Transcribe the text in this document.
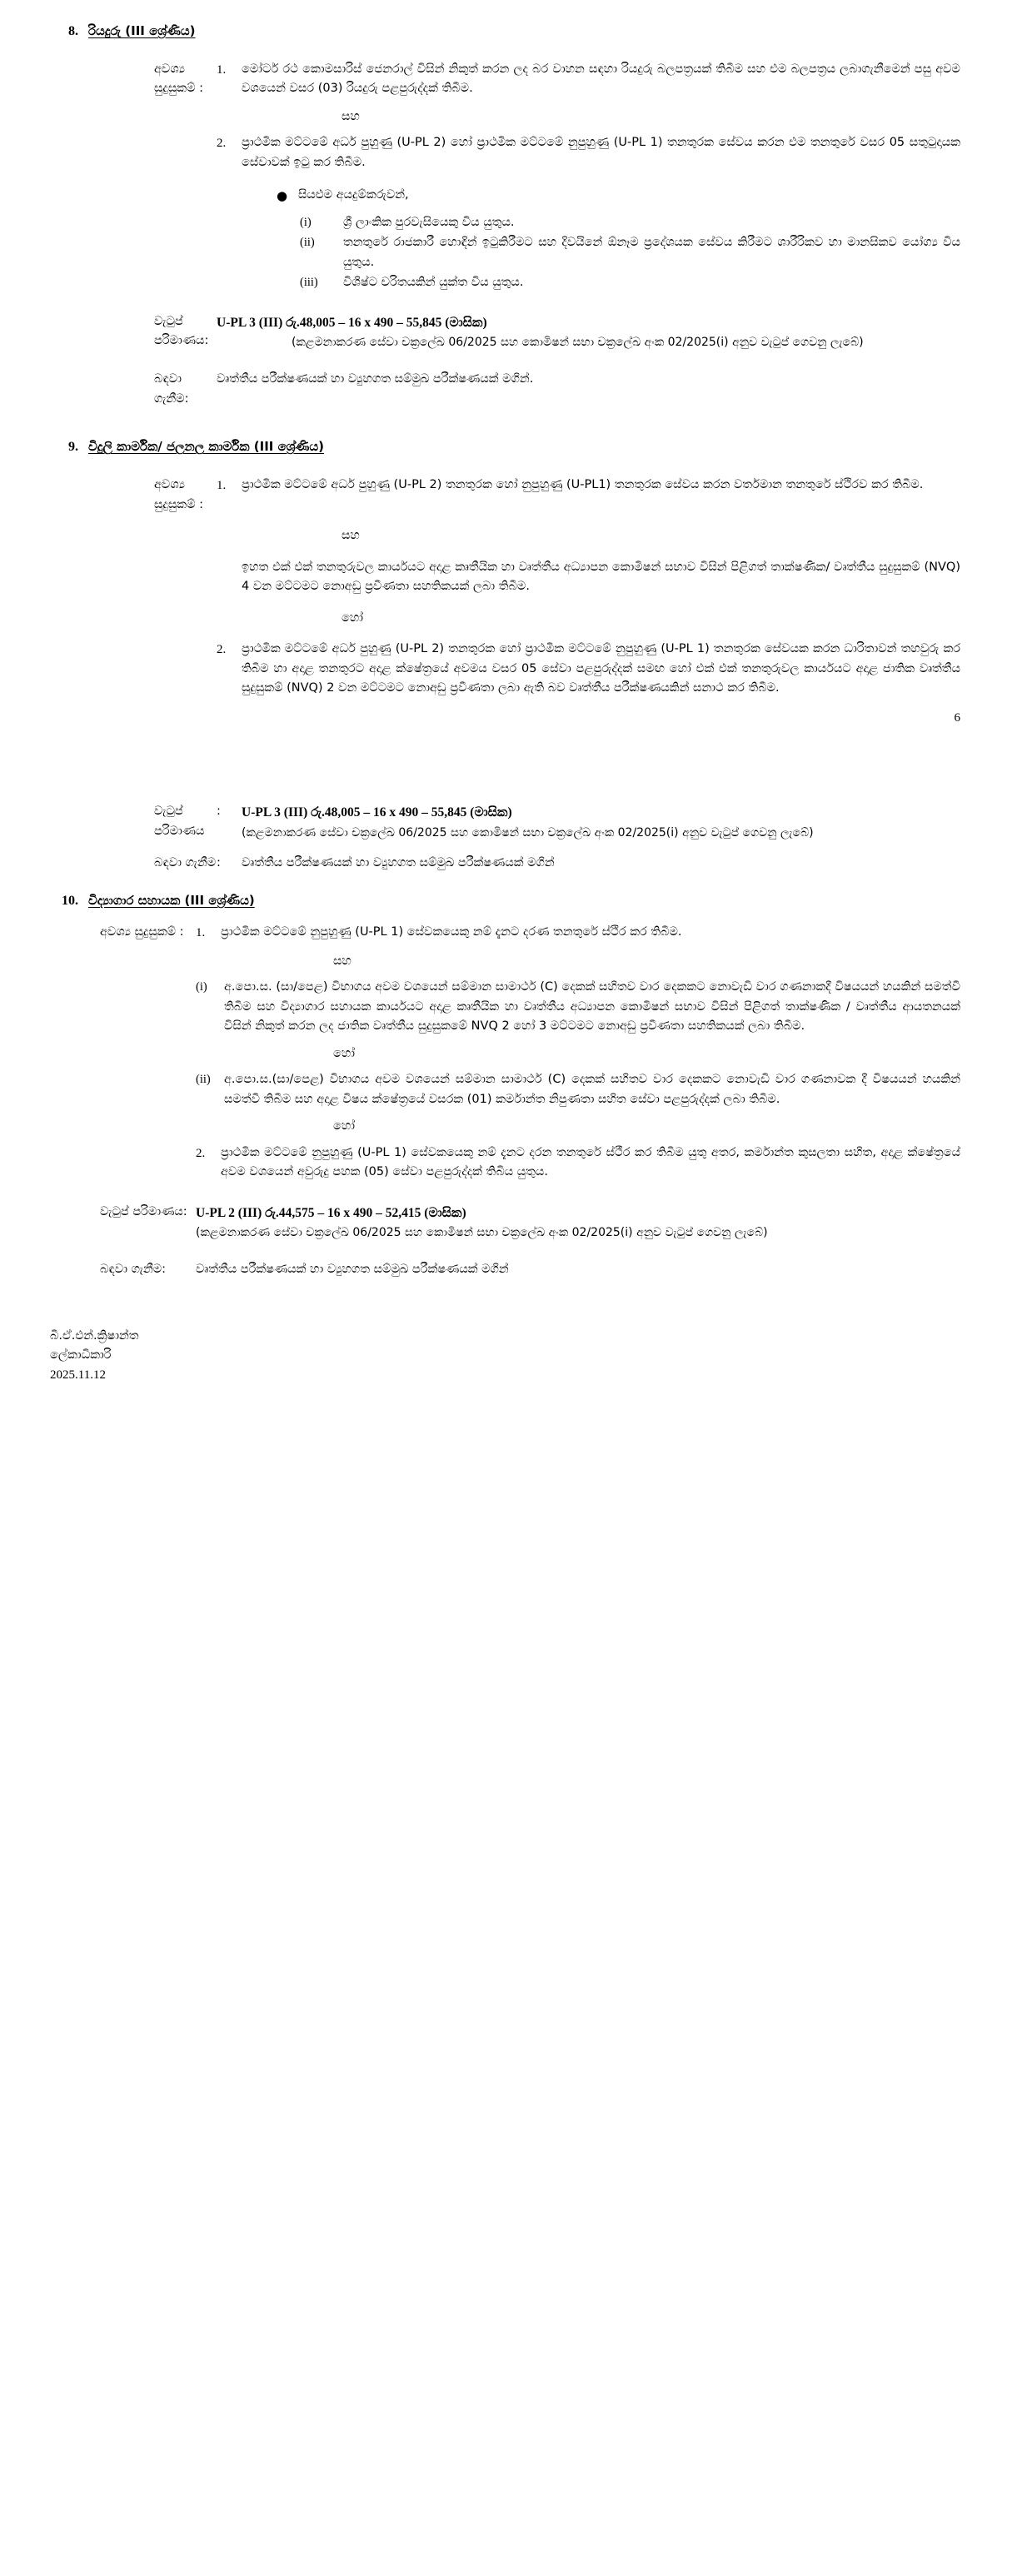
8. රියදුරු (III ශ්‍රේණිය)
අවශ්‍ය සුදුසුකම් :
1.	මෝටර් රථ කොමසාරිස් ජෙනරාල් විසින් නිකුත් කරන ලද බර වාහන සඳහා රියදුරු බලපත්‍රයක් තිබීම සහ එම බලපත්‍රය ලබාගැනීමෙන් පසු අවම වශයෙන් වසර (03) රියදුරු පළපුරුද්දක් තිබීම.
සහ
2.	ප්‍රාථමික මට්ටමේ අර්ධ පුහුණු (U-PL 2) හෝ ප්‍රාථමික මට්ටමේ නුපුහුණු (U-PL 1) තනතුරක සේවය කරන එම තනතුරේ වසර 05 සතුටුදායක සේවාවක් ඉටු කර තිබීම.
● සියළුම අයදුම්කරුවන්,
(i)	ශ්‍රී ලාංකික පුරවැසියෙකු විය යුතුය.
(ii)	තනතුරේ රාජකාරී හොඳින් ඉටුකිරීමට සහ දිවයිනේ ඕනෑම ප්‍රදේශයක සේවය කිරීමට ශාරීරිකව හා මානසිකව යෝග්‍ය විය යුතුය.
(iii)	විශිෂ්ට චරිතයකින් යුක්ත විය යුතුය.
වැටුප් පරිමාණය:
U-PL 3 (III) රු.48,005 – 16 x 490 – 55,845 (මාසික)
(කළමනාකරණ සේවා චක්‍රලේඛ 06/2025 සහ කොමිෂන් සභා චක්‍රලේඛ අංක 02/2025(i) අනුව වැටුප් ගෙවනු ලැබේ)
බඳවා ගැනීම:
වෘත්තීය පරීක්ෂණයක් හා ව්‍යුහගත සම්මුඛ පරීක්ෂණයක් මගින්.
9. විදුලි කාර්මික/ ජලනල කාර්මික (III ශ්‍රේණිය)
අවශ්‍ය සුදුසුකම් :
1.	ප්‍රාථමික මට්ටමේ අර්ධ පුහුණු (U-PL 2) තනතුරක හෝ නුපුහුණු (U-PL1) තනතුරක සේවය කරන වර්තමාන තනතුරේ ස්ථිරව කර තිබීම.
සහ
ඉහත එක් එක් තනතුරුවල කාර්යයට අදාළ කෘතීයික හා වෘත්තීය අධ්‍යාපන කොමිෂන් සභාව විසින් පිළිගත් තාක්ෂණික/ වෘත්තීය සුදුසුකම් (NVQ) 4 වන මට්ටමට නොඅඩු ප්‍රවීණතා සහතිකයක් ලබා තිබීම.
හෝ
2.	ප්‍රාථමික මට්ටමේ අර්ධ පුහුණු (U-PL 2) තනතුරක හෝ ප්‍රාථමික මට්ටමේ නුපුහුණු (U-PL 1) තනතුරක සේවයක කරන ධාරිතාවන් තහවුරු කර තිබීම හා අදාළ තනතුරට අදාළ ක්ෂේත්‍රයේ අවමය වසර 05 සේවා පළපුරුද්දක් සමඟ හෝ එක් එක් තනතුරුවල කාර්යයට අදාළ ජාතික වෘත්තීය සුදුසුකම් (NVQ) 2 වන මට්ටමට නොඅඩු ප්‍රවීණතා ලබා ඇති බව වෘත්තීය පරීක්ෂණයකින් සනාථ කර තිබීම.
6
වැටුප් පරිමාණය
:	U-PL 3 (III) රු.48,005 – 16 x 490 – 55,845 (මාසික)
(කළමනාකරණ සේවා චක්‍රලේඛ 06/2025 සහ කොමිෂන් සභා චක්‍රලේඛ අංක 02/2025(i) අනුව වැටුප් ගෙවනු ලැබේ)
බඳවා ගැනීම :	වෘත්තීය පරීක්ෂණයක් හා ව්‍යුහගත සම්මුඛ පරීක්ෂණයක් මගින්
10. විද්‍යාගාර සහායක (III ශ්‍රේණිය)
අවශ්‍ය සුදුසුකම් : 1.	ප්‍රාථමික මට්ටමේ නුපුහුණු (U-PL 1) සේවකයෙකු නම් දැනට දරණ තනතුරේ ස්ථිර කර තිබීම.
සහ
(i)	අ.පො.ස. (සා/පෙළ) විභාගය අවම වශයෙන් සම්මාන සාමාර්ථ (C) දෙකක් සහිතව වාර දෙකකට නොවැඩි වාර ගණනාකදී විෂයයන් හයකින් සමත්වී තිබීම සහ විද්‍යාගාර සහායක කාර්යයට අදාළ කෘතීයික හා වෘත්තීය අධ්‍යාපන කොමිෂන් සභාව විසින් පිළිගත් තාක්ෂණික / වෘත්තීය ආයතනයක් විසින් නිකුත් කරන ලද ජාතික වෘත්තීය සුදුසුකමේ NVQ 2 හෝ 3 මට්ටමට නොඅඩු ප්‍රවීණතා සහතිකයක් ලබා තිබීම.
හෝ
(ii)	අ.පො.ස.(සා/පෙළ) විභාගය අවම වශයෙන් සම්මාන සාමාර්ථ (C) දෙකක් සහිතව වාර දෙකකට නොවැඩි වාර ගණනාවක දී විෂයයන් හයකින් සමත්වී තිබීම සහ අදාළ විෂය ක්ෂේත්‍රයේ වසරක (01) කර්මාන්ත නිපුණතා සහිත සේවා පළපුරුද්දක් ලබා තිබීම.
හෝ
2.	ප්‍රාථමික මට්ටමේ නුපුහුණු (U-PL 1) සේවකයෙකු නම් දැනට දරන තනතුරේ ස්ථීර කර තිබීම යුතු අතර, කර්මාන්ත කුසලතා සහිත, අදාළ ක්ෂේත්‍රයේ අවම වශයෙන් අවුරුදු පහක (05) සේවා පළපුරුද්දක් තිබිය යුතුය.
වැටුප් පරිමාණය: U-PL 2 (III) රු.44,575 – 16 x 490 – 52,415 (මාසික)
(කළමනාකරණ සේවා චක්‍රලේඛ 06/2025 සහ කොමිෂන් සභා චක්‍රලේඛ අංක 02/2025(i) අනුව වැටුප් ගෙවනු ලැබේ)
බඳවා ගැනීම:	වෘත්තීය පරීක්ෂණයක් හා ව්‍යුහගත සම්මුඛ පරීක්ෂණයක් මගින්
බී.ඒ.එන්.ක්‍රිෂාන්ත
ලේකාධිකාරි
2025.11.12
